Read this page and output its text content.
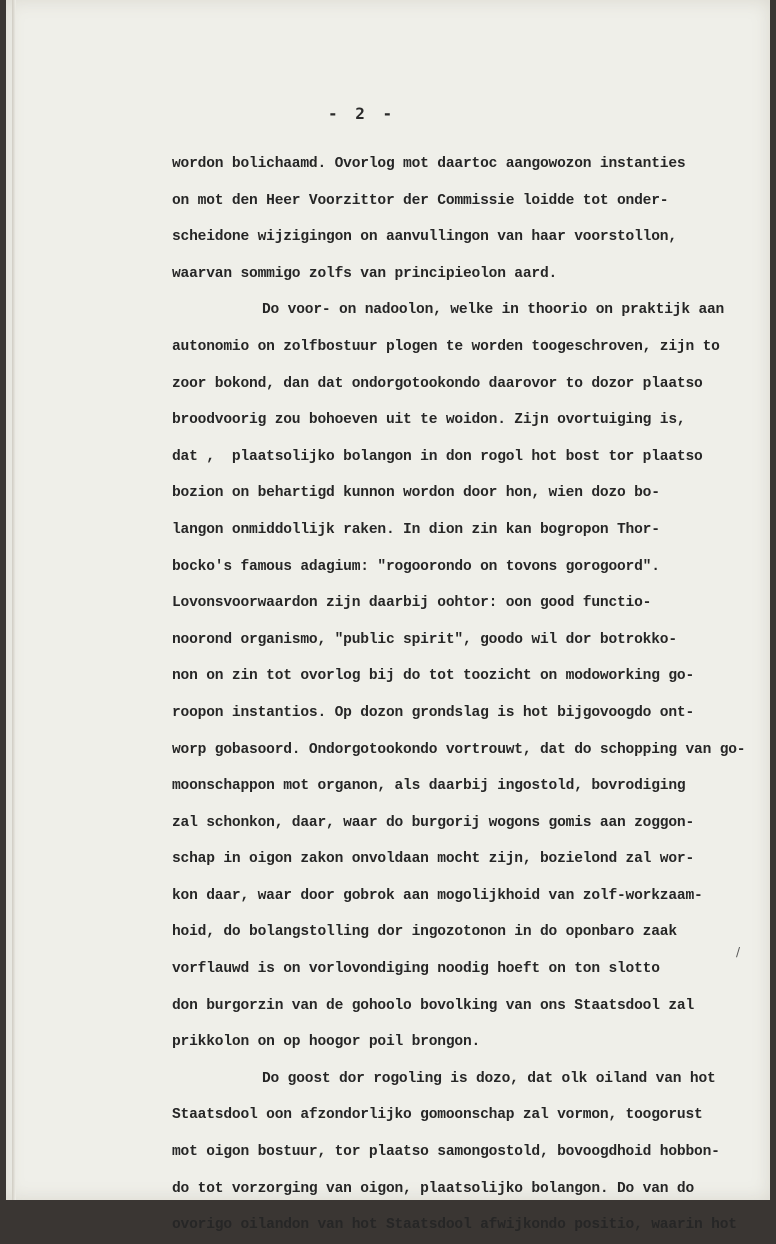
- 2 -
wordon bolichaamd. Ovorlog mot daartoc aangowozon instanties
on mot den Heer Voorzittor der Commissie loidde tot onder-
scheidone wijzigingon on aanvullingon van haar voorstollon,
waarvan sommigo zolfs van principieolon aard.
Do voor- on nadoolon, welke in thoorio on praktijk aan
autonomio on zolfbostuur plogen te worden toogeschroven, zijn to
zoor bokond, dan dat ondorgotookondo daarovor to dozor plaatso
broodvoorig zou bohoeven uit te woidon. Zijn ovortuiging is,
dat ,  plaatsolijko bolangon in don rogol hot bost tor plaatso
bozion on behartigd kunnon wordon door hon, wien dozo bo-
langon onmiddollijk raken. In dion zin kan bogropon Thor-
bocko's famous adagium: "rogoorondo on tovons gorogoord".
Lovonsvoorwaardon zijn daarbij oohtor: oon good functio-
noorond organismo, "public spirit", goodo wil dor botrokko-
non on zin tot ovorlog bij do tot toozicht on modoworking go-
roopon instantios. Op dozon grondslag is hot bijgovoogdo ont-
worp gobasoord. Ondorgotookondo vortrouwt, dat do schopping van go-
moonschappon mot organon, als daarbij ingostold, bovrodiging
zal schonkon, daar, waar do burgorij wogons gomis aan zoggon-
schap in oigon zakon onvoldaan mocht zijn, bozielond zal wor-
kon daar, waar door gobrok aan mogolijkhoid van zolf-workzaam-
hoid, do bolangstolling dor ingozotonon in do oponbaro zaak
vorflauwd is on vorlovondiging noodig hoeft on ton slotto
don burgorzin van de gohoolo bovolking van ons Staatsdool zal
prikkolon on op hoogor poil brongon.
Do goost dor rogoling is dozo, dat olk oiland van hot
Staatsdool oon afzondorlijko gomoonschap zal vormon, toogorust
mot oigon bostuur, tor plaatso samongostold, bovoogdhoid hobbon-
do tot vorzorging van oigon, plaatsolijko bolangon. Do van do
ovorigo oilandon van hot Staatsdool afwijkondo positio, waarin hot
/
